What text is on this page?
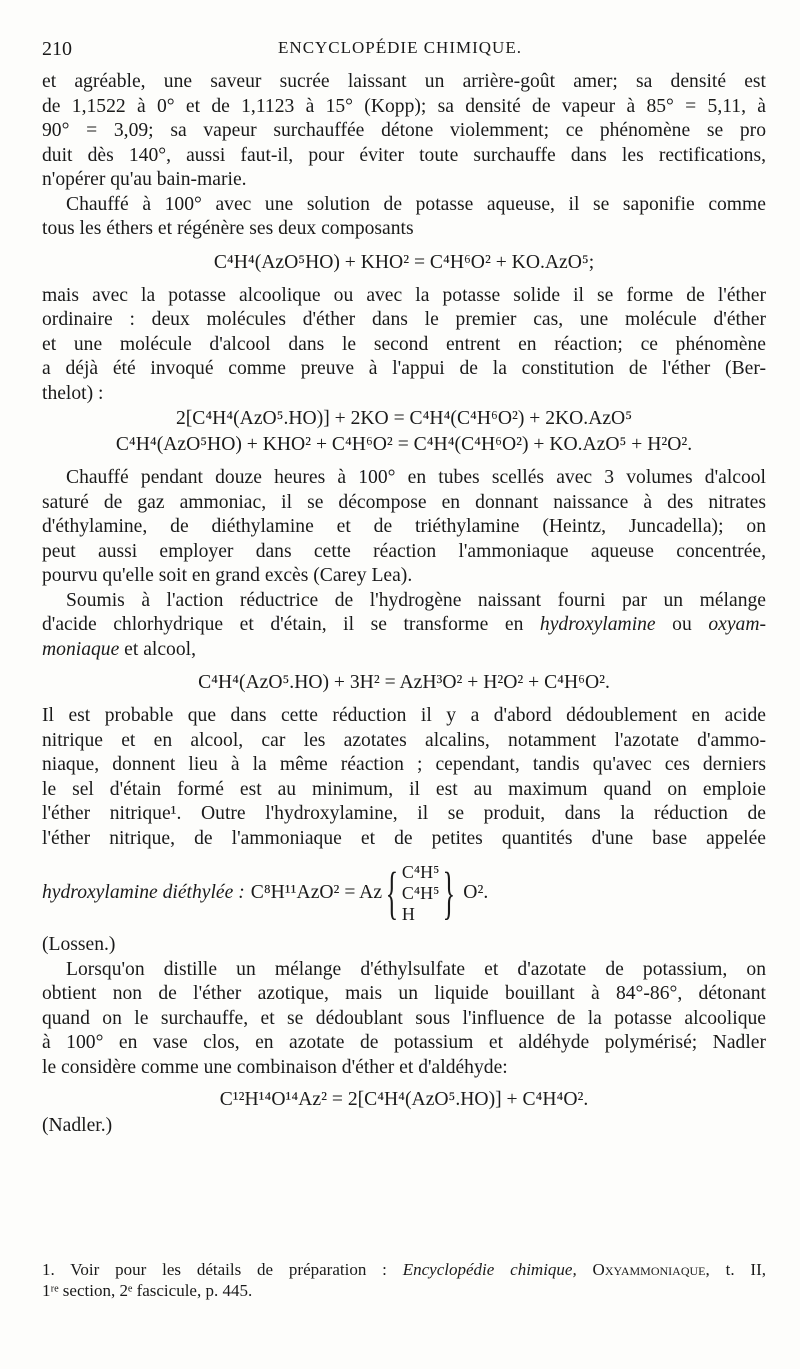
210	ENCYCLOPÉDIE CHIMIQUE.
et agréable, une saveur sucrée laissant un arrière-goût amer; sa densité est
de 1,1522 à 0° et de 1,1123 à 15° (Kopp); sa densité de vapeur à 85° = 5,11, à
90° = 3,09; sa vapeur surchauffée détone violemment; ce phénomène se pro
duit dès 140°, aussi faut-il, pour éviter toute surchauffe dans les rectifications,
n'opérer qu'au bain-marie.
Chauffé à 100° avec une solution de potasse aqueuse, il se saponifie comme
tous les éthers et régénère ses deux composants
C⁴H⁴(AzO⁵HO) + KHO² = C⁴H⁶O² + KO.AzO⁵;
mais avec la potasse alcoolique ou avec la potasse solide il se forme de l'éther
ordinaire : deux molécules d'éther dans le premier cas, une molécule d'éther
et une molécule d'alcool dans le second entrent en réaction; ce phénomène
a déjà été invoqué comme preuve à l'appui de la constitution de l'éther (Ber-
thelot) :
2[C⁴H⁴(AzO⁵.HO)] + 2KO = C⁴H⁴(C⁴H⁶O²) + 2KO.AzO⁵
C⁴H⁴(AzO⁵HO) + KHO² + C⁴H⁶O² = C⁴H⁴(C⁴H⁶O²) + KO.AzO⁵ + H²O².
Chauffé pendant douze heures à 100° en tubes scellés avec 3 volumes d'alcool
saturé de gaz ammoniac, il se décompose en donnant naissance à des nitrates
d'éthylamine, de diéthylamine et de triéthylamine (Heintz, Juncadella); on
peut aussi employer dans cette réaction l'ammoniaque aqueuse concentrée,
pourvu qu'elle soit en grand excès (Carey Lea).
Soumis à l'action réductrice de l'hydrogène naissant fourni par un mélange
d'acide chlorhydrique et d'étain, il se transforme en hydroxylamine ou oxyam-
moniaque et alcool,
C⁴H⁴(AzO⁵.HO) + 3H² = AzH³O² + H²O² + C⁴H⁶O².
Il est probable que dans cette réduction il y a d'abord dédoublement en acide
nitrique et en alcool, car les azotates alcalins, notamment l'azotate d'ammo-
niaque, donnent lieu à la même réaction ; cependant, tandis qu'avec ces derniers
le sel d'étain formé est au minimum, il est au maximum quand on emploie
l'éther nitrique¹. Outre l'hydroxylamine, il se produit, dans la réduction de
l'éther nitrique, de l'ammoniaque et de petites quantités d'une base appelée
hydroxylamine diéthylée : C⁸H¹¹AzO² = Az { C⁴H⁵
C⁴H⁵
H } O².
(Lossen.)
Lorsqu'on distille un mélange d'éthylsulfate et d'azotate de potassium, on
obtient non de l'éther azotique, mais un liquide bouillant à 84°-86°, détonant
quand on le surchauffe, et se dédoublant sous l'influence de la potasse alcoolique
à 100° en vase clos, en azotate de potassium et aldéhyde polymérisé; Nadler
le considère comme une combinaison d'éther et d'aldéhyde:
C¹²H¹⁴O¹⁴Az² = 2[C⁴H⁴(AzO⁵.HO)] + C⁴H⁴O².
(Nadler.)
1. Voir pour les détails de préparation : Encyclopédie chimique, Oxyammoniaque, t. II,
1ʳᵉ section, 2ᵉ fascicule, p. 445.
